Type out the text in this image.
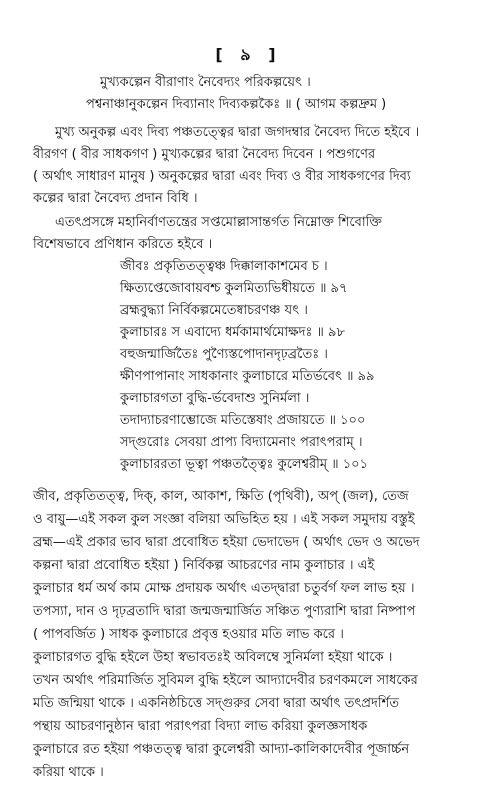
[ ৯ ]
মুখ্যকল্পেন বীরাণাং নৈবেদ্যং পরিকল্পয়েৎ ।
পশ্বনাঞ্চানুকল্পেন দিব্যানাং দিব্যকল্পকৈঃ ॥ ( আগম কল্পদ্রুম )
মুখ্য অনুকল্প এবং দিব্য পঞ্চতত্ত্বের দ্বারা জগদম্বার নৈবেদ্য দিতে হইবে ।
বীরগণ ( বীর সাধকগণ ) মুখ্যকল্পের দ্বারা নৈবেদ্য দিবেন । পশুগণের
( অর্থাৎ সাধারণ মানুষ ) অনুকল্পের দ্বারা এবং দিব্য ও বীর সাধকগণের দিব্য
কল্পের দ্বারা নৈবেদ্য প্রদান বিধি ।
এতৎপ্রসঙ্গে মহানির্বাণতন্ত্রের সপ্তমোল্লাসান্তর্গত নিম্নোক্ত শিবোক্তি
বিশেষভাবে প্রণিধান করিতে হইবে ।
জীবঃ প্রকৃতিতত্ত্বঞ্চ দিক্কালাকাশমেব চ ।
ক্ষিত্যপ্তেজোবায়বশ্চ কুলমিত্যভিধীয়তে ॥ ৯৭
ব্রহ্মবুদ্ধ্যা নির্বিকল্পমেতেষ্বাচরণঞ্চ যৎ ।
কুলাচারঃ স এবাদ্যে ধর্মকামার্থমোক্ষদঃ ॥ ৯৮
বহুজন্মার্জিতৈঃ পুণ্যৈস্তপোদানদৃঢ়ব্রতৈঃ ।
ক্ষীণপাপানাং সাধকানাং কুলাচারে মতির্ভবেৎ ॥ ৯৯
কুলাচারগতা বুদ্ধি-র্ভবেদাশু সুনির্মলা ।
তদাদ্যাচরণাম্ভোজে মতিস্তেষাং প্রজায়তে ॥ ১০০
সদ্গুরোঃ সেবয়া প্রাপ্য বিদ্যামেনাং পরাৎপরাম্ ।
কুলাচাররতা ভূত্বা পঞ্চতত্ত্বৈঃ কুলেশ্বরীম্ ॥ ১০১
জীব, প্রকৃতিতত্ত্ব, দিক্, কাল, আকাশ, ক্ষিতি (পৃথিবী), অপ্ (জল), তেজ
ও বায়ু—এই সকল কুল সংজ্ঞা বলিয়া অভিহিত হয় । এই সকল সমুদায় বস্তুই
ব্রহ্ম—এই প্রকার ভাব দ্বারা প্রবোধিত হইয়া ভেদাভেদ ( অর্থাৎ ভেদ ও অভেদ
কল্পনা দ্বারা প্রবোধিত হইয়া ) নির্বিকল্প আচরণের নাম কুলাচার । এই
কুলাচার ধর্ম অর্থ কাম মোক্ষ প্রদায়ক অর্থাৎ এতদ্দ্বারা চতুর্বর্গ ফল লাভ হয় ।
তপস্যা, দান ও দৃঢ়ব্রতাদি দ্বারা জন্মজন্মার্জিত সঞ্চিত পুণ্যরাশি দ্বারা নিষ্পাপ
( পাপবর্জিত ) সাধক কুলাচারে প্রবৃত্ত হওয়ার মতি লাভ করে ।
কুলাচারগত বুদ্ধি হইলে উহা স্বভাবতঃই অবিলম্বে সুনির্মলা হইয়া থাকে ।
তখন অর্থাৎ পরিমার্জিত সুবিমল বুদ্ধি হইলে আদ্যাদেবীর চরণকমলে সাধকের
মতি জন্মিয়া থাকে । একনিষ্ঠচিত্তে সদ্গুরুর সেবা দ্বারা অর্থাৎ তৎপ্রদর্শিত
পন্থায় আচরণানুষ্ঠান দ্বারা পরাৎপরা বিদ্যা লাভ করিয়া কুলজ্ঞসাধক
কুলাচারে রত হইয়া পঞ্চতত্ত্ব দ্বারা কুলেশ্বরী আদ্যা-কালিকাদেবীর পূজার্চ্চন
করিয়া থাকে ।
